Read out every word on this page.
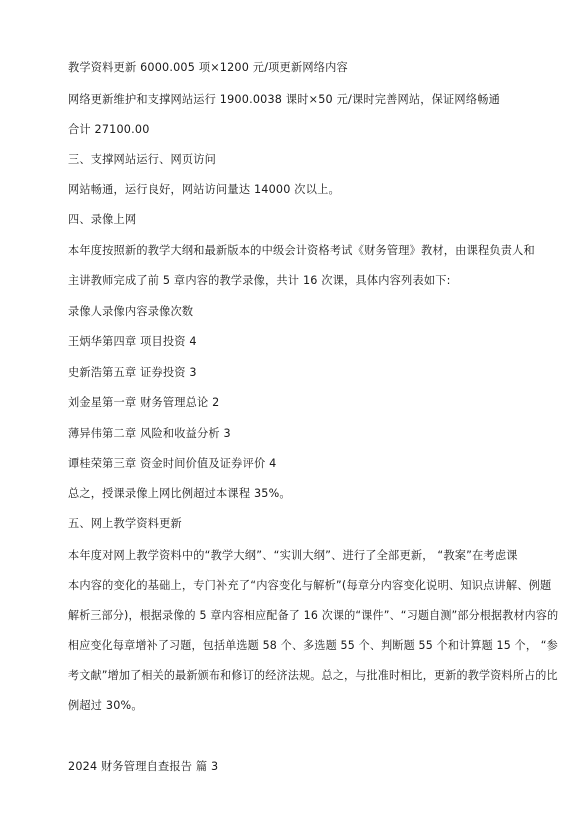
教学资料更新 6000.005 项×1200 元/项更新网络内容
网络更新维护和支撑网站运行 1900.0038 课时×50 元/课时完善网站，保证网络畅通
合计 27100.00
三、支撑网站运行、网页访问
网站畅通，运行良好，网站访问量达 14000 次以上。
四、录像上网
本年度按照新的教学大纲和最新版本的中级会计资格考试《财务管理》教材，由课程负责人和
主讲教师完成了前 5 章内容的教学录像，共计 16 次课，具体内容列表如下:
录像人录像内容录像次数
王炳华第四章 项目投资 4
史新浩第五章 证券投资 3
刘金星第一章 财务管理总论 2
薄异伟第二章 风险和收益分析 3
谭桂荣第三章 资金时间价值及证券评价 4
总之，授课录像上网比例超过本课程 35%。
五、网上教学资料更新
本年度对网上教学资料中的“教学大纲”、“实训大纲”、进行了全部更新， “教案”在考虑课
本内容的变化的基础上，专门补充了“内容变化与解析”(每章分内容变化说明、知识点讲解、例题
解析三部分)，根据录像的 5 章内容相应配备了 16 次课的“课件”、“习题自测”部分根据教材内容的
相应变化每章增补了习题，包括单选题 58 个、多选题 55 个、判断题 55 个和计算题 15 个， “参
考文献”增加了相关的最新颁布和修订的经济法规。总之，与批准时相比，更新的教学资料所占的比
例超过 30%。
2024 财务管理自查报告 篇 3
